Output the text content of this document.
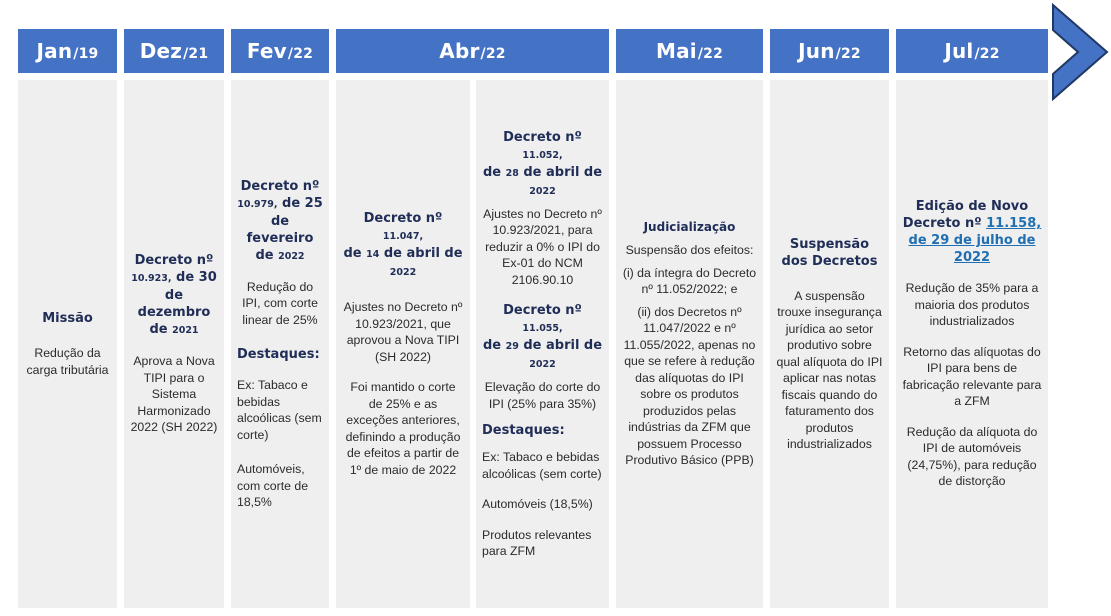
Jan /19 Dez /21 Fev /22	Abr /22	Mai /22	Jun /22	Jul /22
Missão
Redução da carga tributária
Decreto nº
10.923, de 30
de
dezembro
de 2021
Aprova a Nova TIPI para o Sistema Harmonizado 2022 (SH 2022)
Decreto nº
10.979, de 25
de
fevereiro
de 2022
Redução do IPI, com corte linear de 25%
Destaques:
Ex: Tabaco e bebidas alcoólicas (sem corte)
Automóveis, com corte de 18,5%
Decreto nº 11.047,
de 14 de abril de
2022
Ajustes no Decreto nº 10.923/2021, que aprovou a Nova TIPI (SH 2022)
Foi mantido o corte de 25% e as exceções anteriores, definindo a produção de efeitos a partir de 1º de maio de 2022
Decreto nº 11.052,
de 28 de abril de
2022
Ajustes no Decreto nº 10.923/2021, para reduzir a 0% o IPI do Ex-01 do NCM 2106.90.10
Decreto nº 11.055,
de 29 de abril de
2022
Elevação do corte do IPI (25% para 35%)
Destaques:
Ex: Tabaco e bebidas alcoólicas (sem corte)
Automóveis (18,5%)
Produtos relevantes para ZFM
Judicialização
Suspensão dos efeitos:
(i) da íntegra do Decreto nº 11.052/2022; e
(ii) dos Decretos nº 11.047/2022 e nº 11.055/2022, apenas no que se refere à redução das alíquotas do IPI sobre os produtos produzidos pelas indústrias da ZFM que possuem Processo Produtivo Básico (PPB)
Suspensão dos Decretos
A suspensão trouxe insegurança jurídica ao setor produtivo sobre qual alíquota do IPI aplicar nas notas fiscais quando do faturamento dos produtos industrializados
Edição de Novo
Decreto nº 11.158,
de 29 de julho de 2022
Redução de 35% para a maioria dos produtos industrializados
Retorno das alíquotas do IPI para bens de fabricação relevante para a ZFM
Redução da alíquota do IPI de automóveis (24,75%), para redução de distorção
